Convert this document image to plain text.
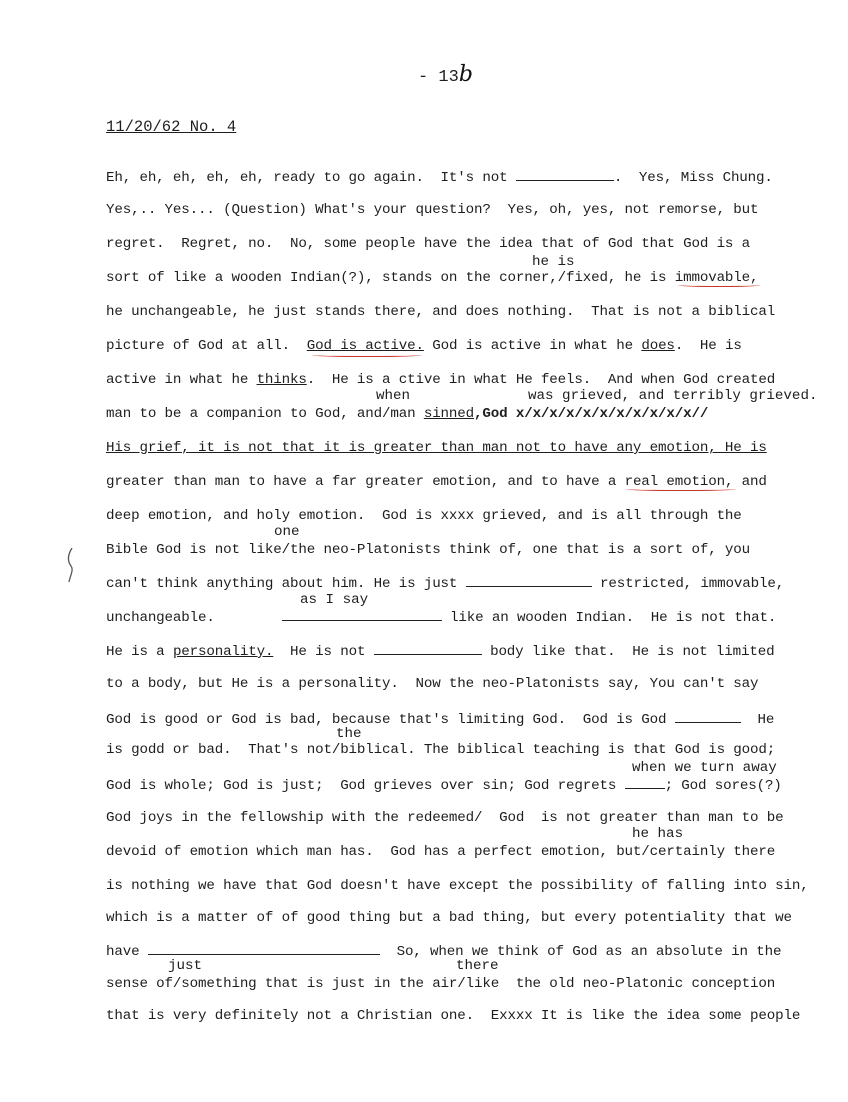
- 13b
11/20/62 No. 4
Eh, eh, eh, eh, eh, ready to go again.  It's not	.  Yes, Miss Chung.
Yes,.. Yes... (Question) What's your question?  Yes, oh, yes, not remorse, but
regret.  Regret, no.  No, some people have the idea that of God that God is a
he is
sort of like a wooden Indian(?), stands on the corner,/fixed, he is immovable,
he unchangeable, he just stands there, and does nothing.  That is not a biblical
picture of God at all. God is active. God is active in what he does.  He is
active in what he thinks.  He is a ctive in what He feels.  And when God created
when	was grieved, and terribly grieved.
man to be a companion to God, and/man sinned,God x/x/x/x/x/x/x/x/x/x/x//
His grief, it is not that it is greater than man not to have any emotion, He is
greater than man to have a far greater emotion, and to have a real emotion, and
deep emotion, and holy emotion.  God is xxxx grieved, and is all through the
one
Bible God is not like/the neo-Platonists think of, one that is a sort of, you
can't think anything about him. He is just	restricted, immovable,
as I say
unchangeable.	like an wooden Indian.  He is not that.
He is a personality. He is not	body like that.  He is not limited
to a body, but He is a personality.  Now the neo-Platonists say, You can't say
God is good or God is bad, because that's limiting God.  God is God	He
the
is godd or bad.  That's not/biblical. The biblical teaching is that God is good;
when we turn away
God is whole; God is just;  God grieves over sin; God regrets	; God sores(?)
God joys in the fellowship with the redeemed/  God  is not greater than man to be
he has
devoid of emotion which man has.  God has a perfect emotion, but/certainly there
is nothing we have that God doesn't have except the possibility of falling into sin,
which is a matter of of good thing but a bad thing, but every potentiality that we
have	So, when we think of God as an absolute in the
just	there
sense of/something that is just in the air/like  the old neo-Platonic conception
that is very definitely not a Christian one.  Exxxx It is like the idea some people
